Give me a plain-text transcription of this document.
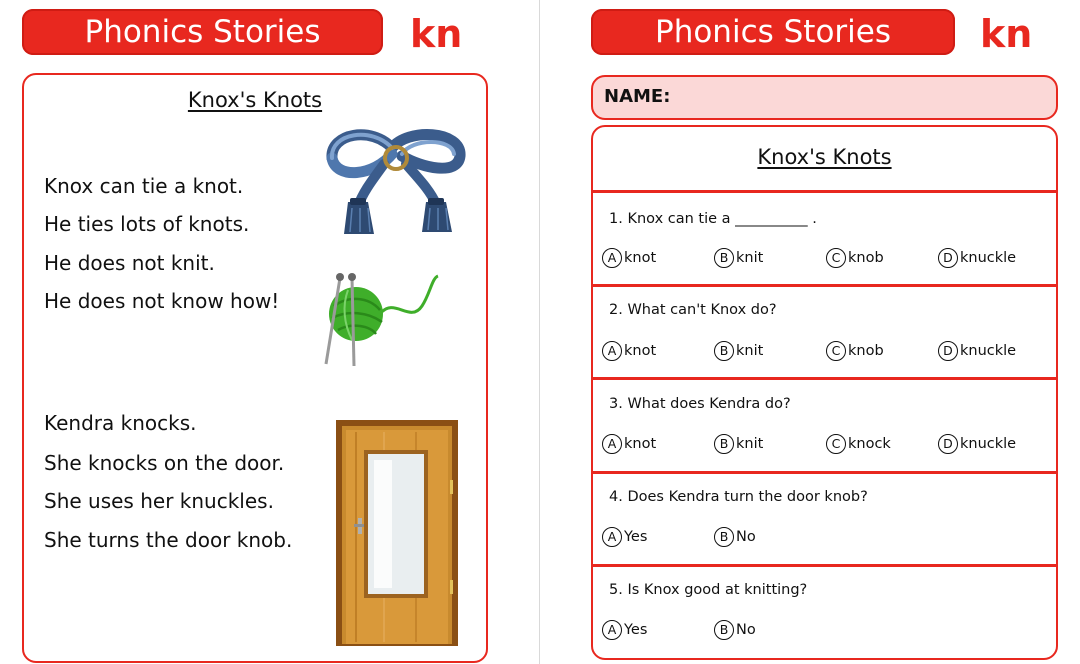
Phonics Stories	kn
Knox's Knots
Knox can tie a knot.
He ties lots of knots.
He does not knit.
He does not know how!
Kendra knocks.
She knocks on the door.
She uses her knuckles.
She turns the door knob.
Phonics Stories	kn
NAME:
Knox's Knots
1. Knox can tie a __________ .
A knot	B knit	C knob	D knuckle
2. What can't Knox do?
A knot	B knit	C knob	D knuckle
3. What does Kendra do?
A knot	B knit	C knock	D knuckle
4. Does Kendra turn the door knob?
A Yes	B No
5. Is Knox good at knitting?
A Yes	B No
